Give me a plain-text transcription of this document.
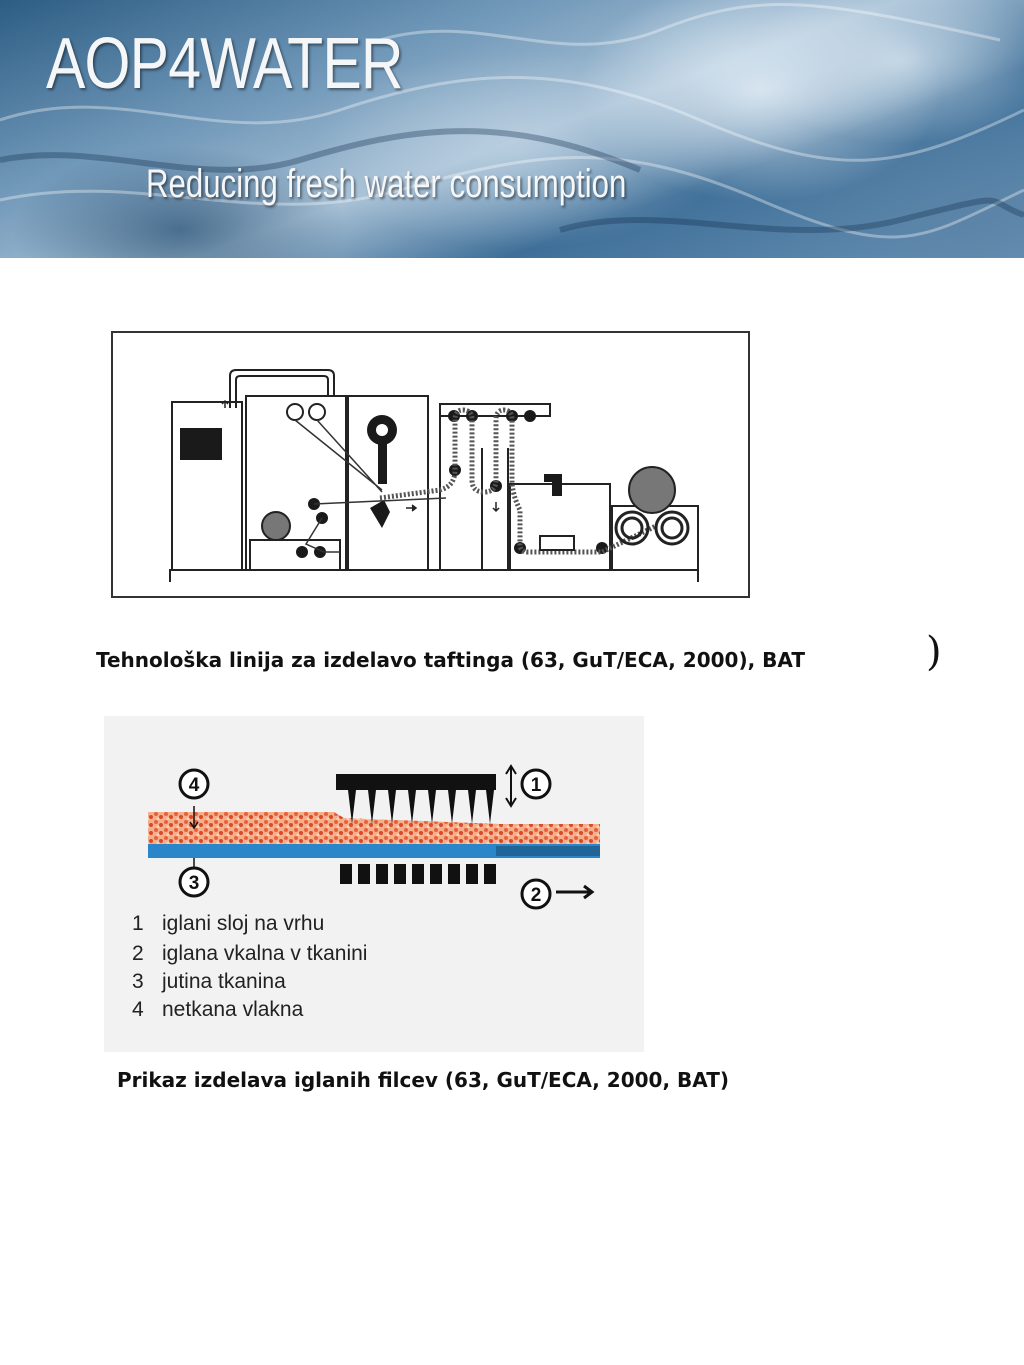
AOP4WATER

Reducing fresh water consumption

Tehnološka linija za izdelavo taftinga (63, GuT/ECA, 2000), BAT	)
4	1
2
3
1 iglani sloj na vrhu
2 iglana vkalna v tkanini
3 jutina tkanina
4 netkana vlakna

Prikaz izdelava iglanih filcev (63, GuT/ECA, 2000, BAT)
